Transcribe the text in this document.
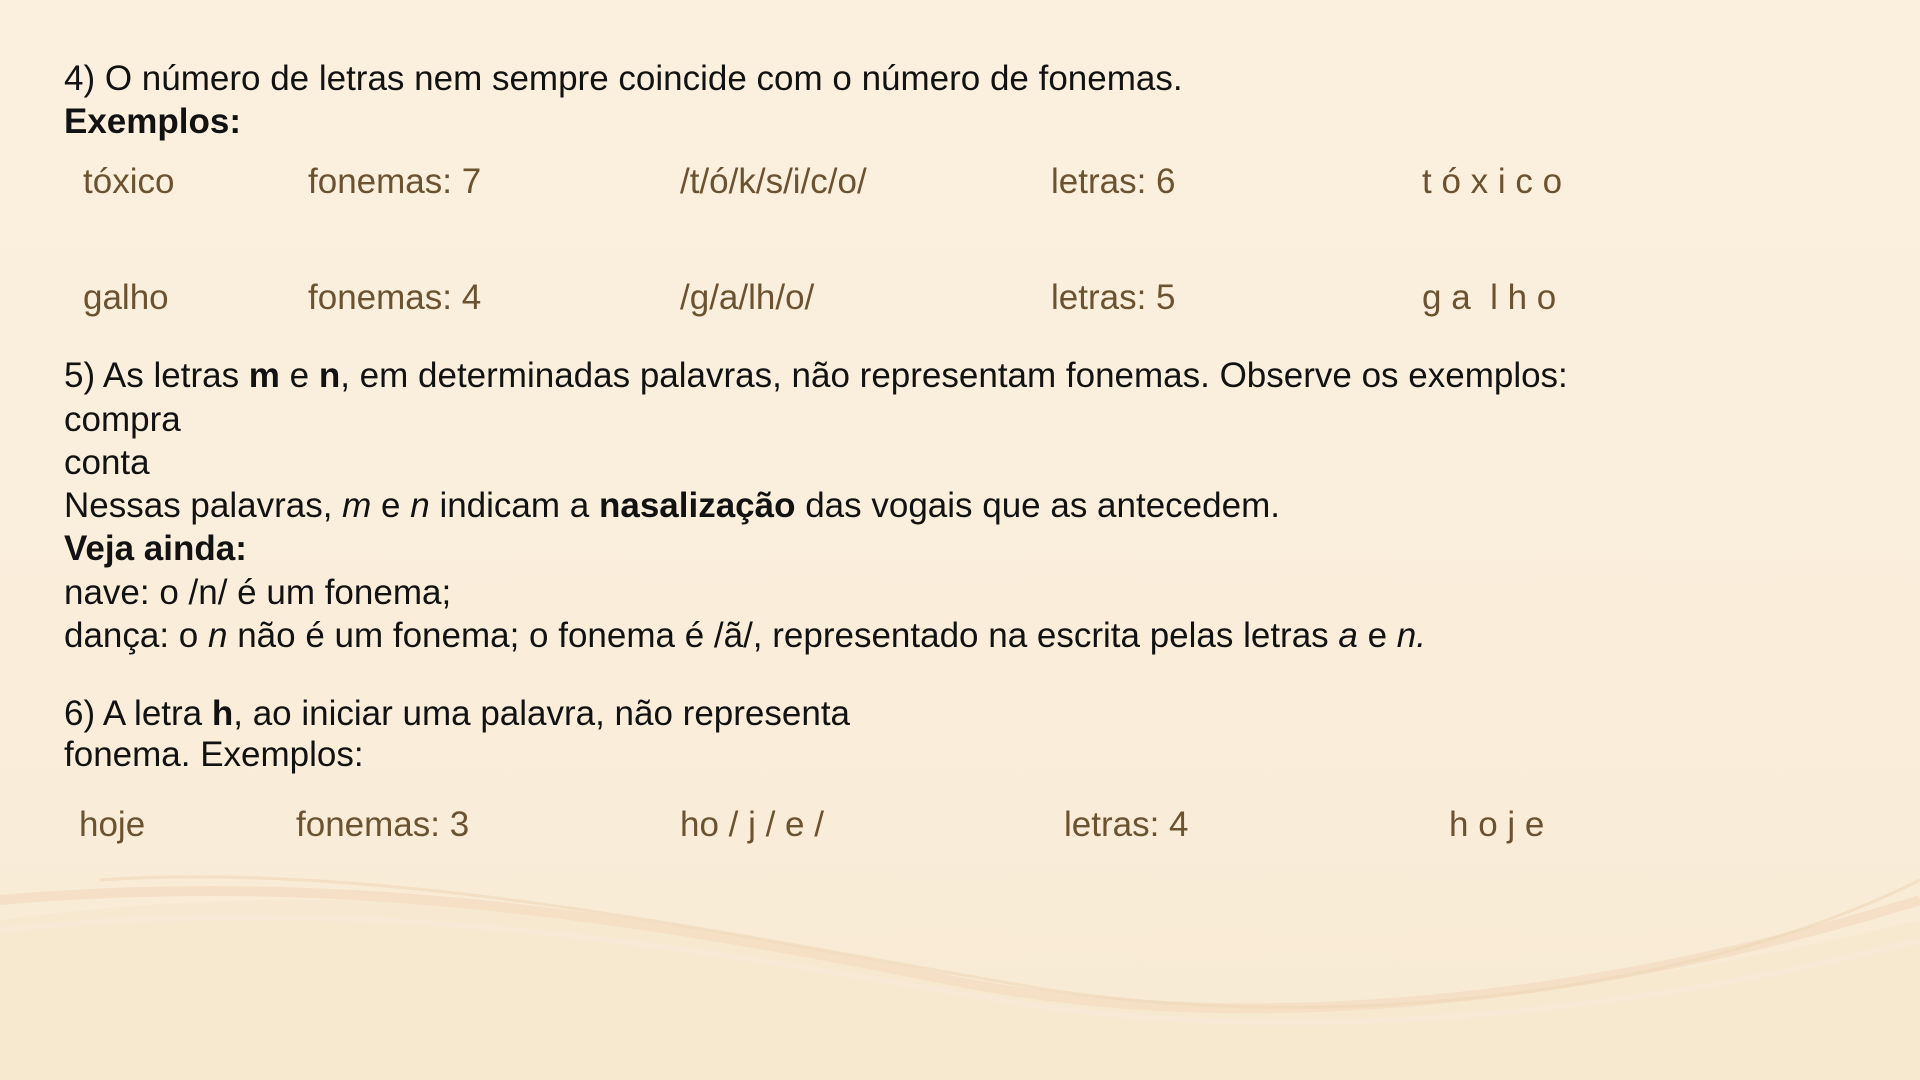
4) O número de letras nem sempre coincide com o número de fonemas.
Exemplos:
tóxico	fonemas: 7	/t/ó/k/s/i/c/o/	letras: 6	t ó x i c o
galho	fonemas: 4	/g/a/lh/o/	letras: 5	g a  l h o
5) As letras m e n, em determinadas palavras, não representam fonemas. Observe os exemplos:
compra
conta
Nessas palavras, m e n indicam a nasalização das vogais que as antecedem.
Veja ainda:
nave: o /n/ é um fonema;
dança: o n não é um fonema; o fonema é /ã/, representado na escrita pelas letras a e n.
6) A letra h, ao iniciar uma palavra, não representa
fonema. Exemplos:
hoje	fonemas: 3	ho / j / e /	letras: 4	h o j e
